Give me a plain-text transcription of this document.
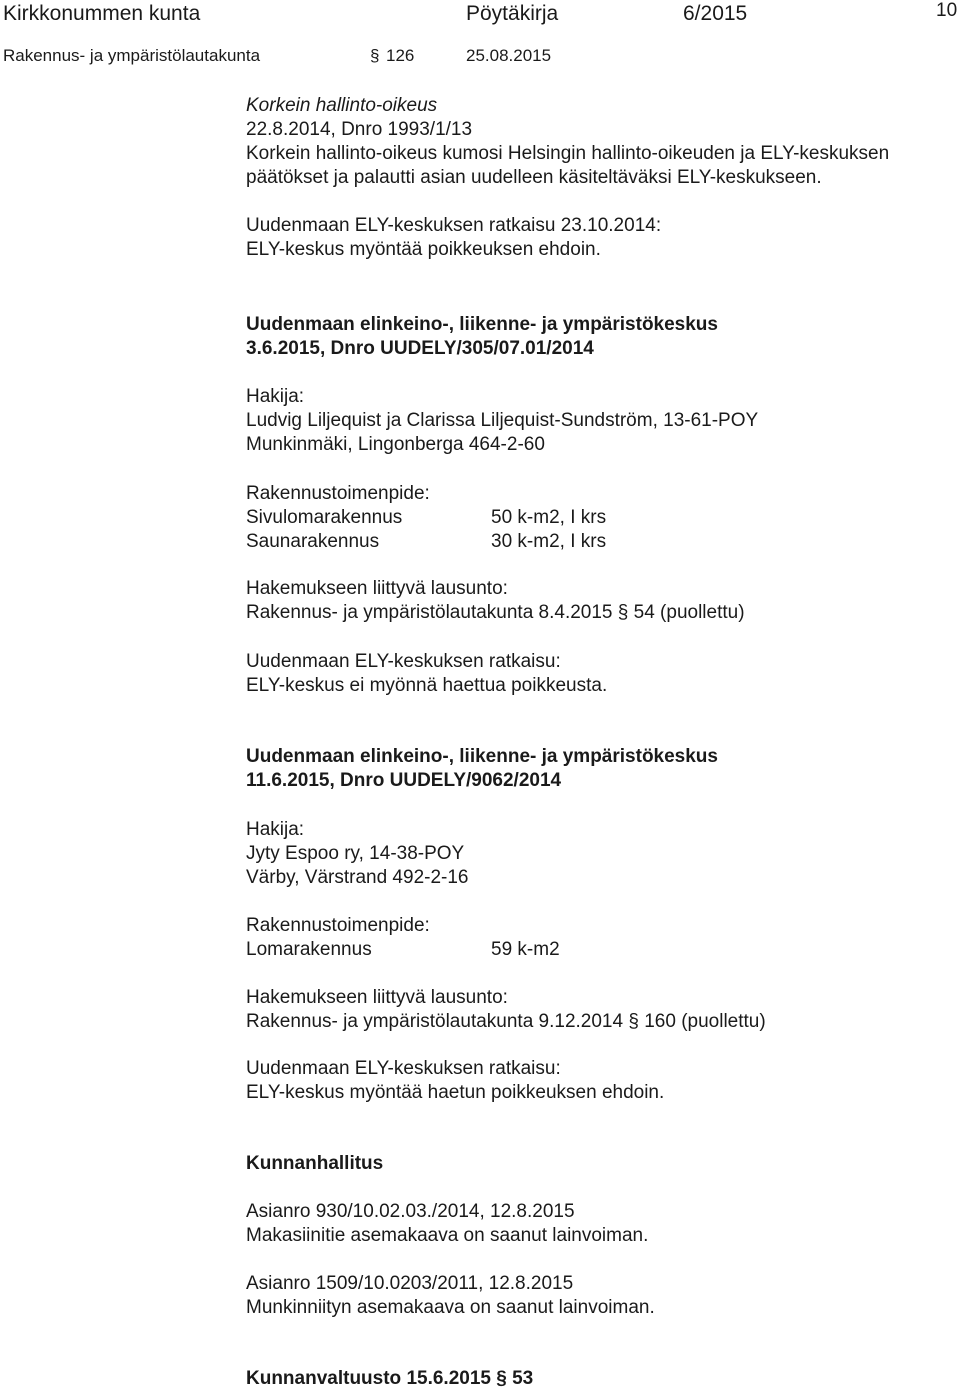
Kirkkonummen kunta	Pöytäkirja	6/2015	10
Rakennus- ja ympäristölautakunta	§ 126	25.08.2015
Korkein hallinto-oikeus
22.8.2014, Dnro 1993/1/13
Korkein hallinto-oikeus kumosi Helsingin hallinto-oikeuden ja ELY-keskuksen
päätökset ja palautti asian uudelleen käsiteltäväksi ELY-keskukseen.
Uudenmaan ELY-keskuksen ratkaisu 23.10.2014:
ELY-keskus myöntää poikkeuksen ehdoin.
Uudenmaan elinkeino-, liikenne- ja ympäristökeskus
3.6.2015, Dnro UUDELY/305/07.01/2014
Hakija:
Ludvig Liljequist ja Clarissa Liljequist-Sundström, 13-61-POY
Munkinmäki, Lingonberga 464-2-60
Rakennustoimenpide:
Sivulomarakennus	50 k-m2, I krs
Saunarakennus	30 k-m2, I krs
Hakemukseen liittyvä lausunto:
Rakennus- ja ympäristölautakunta 8.4.2015 § 54 (puollettu)
Uudenmaan ELY-keskuksen ratkaisu:
ELY-keskus ei myönnä haettua poikkeusta.
Uudenmaan elinkeino-, liikenne- ja ympäristökeskus
11.6.2015, Dnro UUDELY/9062/2014
Hakija:
Jyty Espoo ry, 14-38-POY
Värby, Värstrand 492-2-16
Rakennustoimenpide:
Lomarakennus	59 k-m2
Hakemukseen liittyvä lausunto:
Rakennus- ja ympäristölautakunta 9.12.2014 § 160 (puollettu)
Uudenmaan ELY-keskuksen ratkaisu:
ELY-keskus myöntää haetun poikkeuksen ehdoin.
Kunnanhallitus
Asianro 930/10.02.03./2014, 12.8.2015
Makasiinitie asemakaava on saanut lainvoiman.
Asianro 1509/10.0203/2011, 12.8.2015
Munkinniityn asemakaava on saanut lainvoiman.
Kunnanvaltuusto 15.6.2015 § 53
